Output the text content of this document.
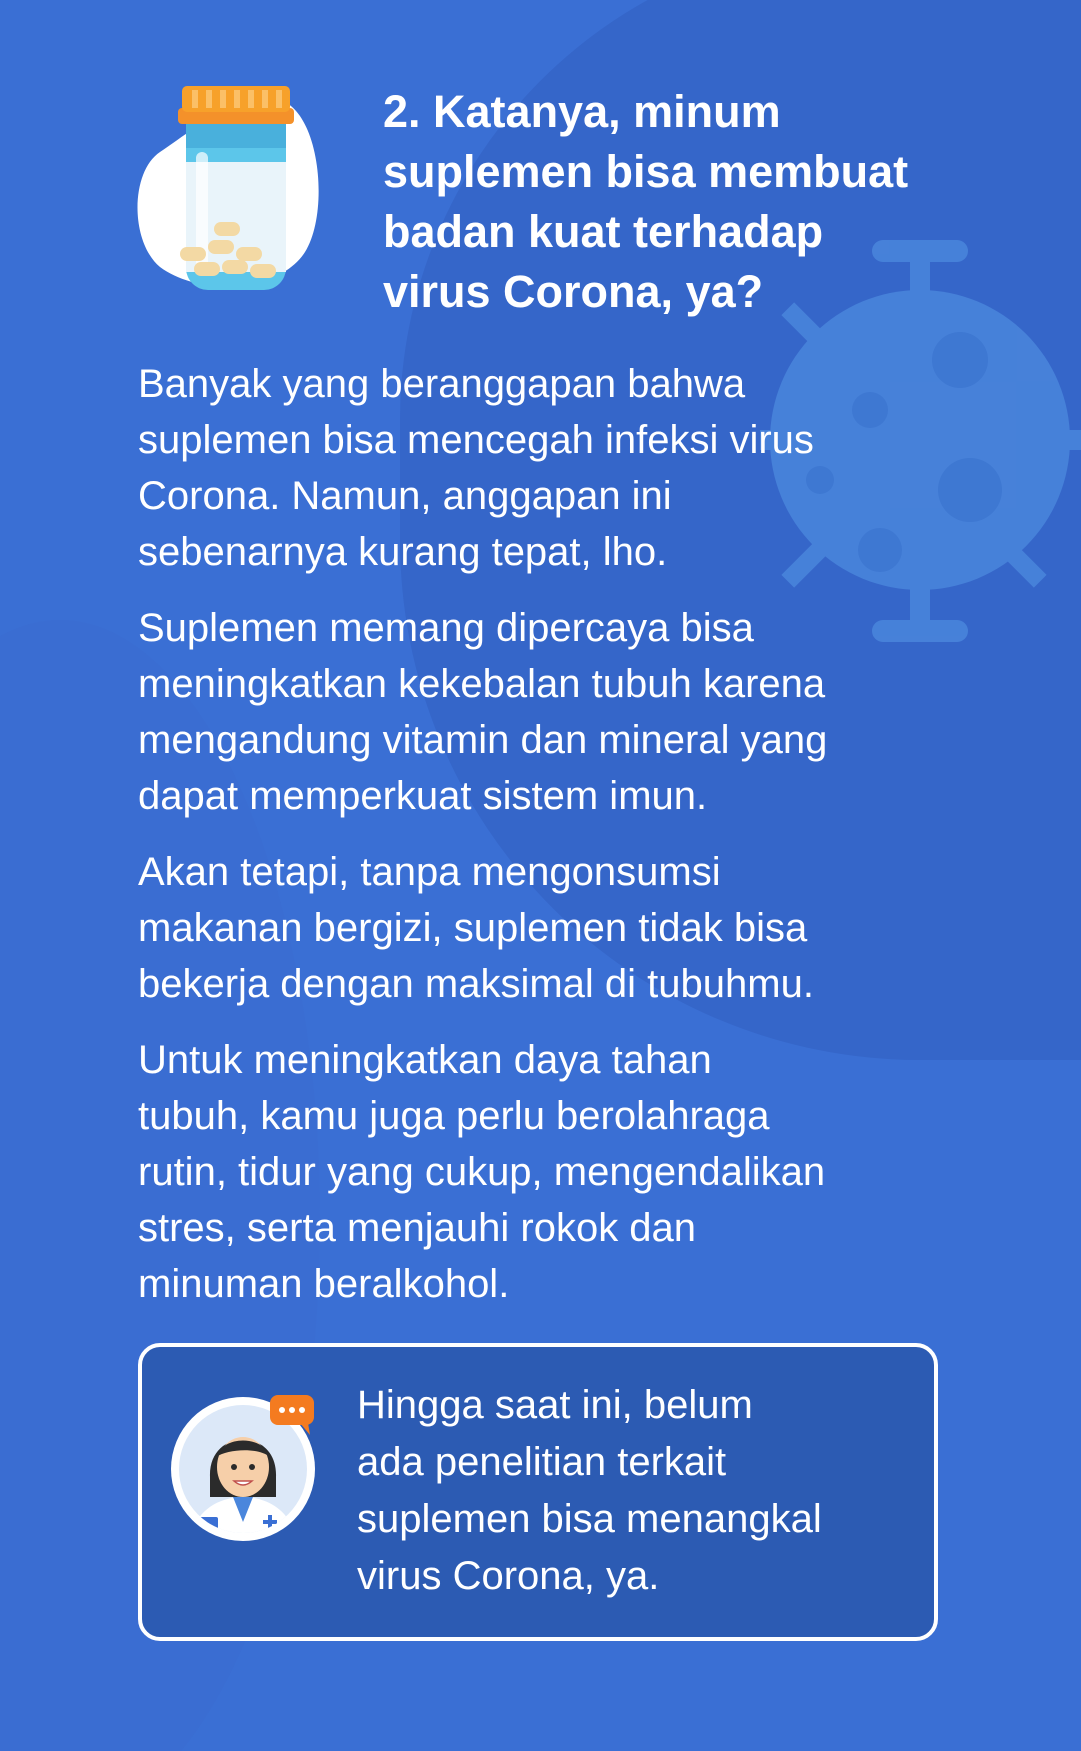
2. Katanya, minum suplemen bisa membuat badan kuat terhadap virus Corona, ya?

Banyak yang beranggapan bahwa
suplemen bisa mencegah infeksi virus
Corona. Namun, anggapan ini
sebenarnya kurang tepat, lho.

Suplemen memang dipercaya bisa
meningkatkan kekebalan tubuh karena
mengandung vitamin dan mineral yang
dapat memperkuat sistem imun.

Akan tetapi, tanpa mengonsumsi
makanan bergizi, suplemen tidak bisa
bekerja dengan maksimal di tubuhmu.

Untuk meningkatkan daya tahan
tubuh, kamu juga perlu berolahraga
rutin, tidur yang cukup, mengendalikan
stres, serta menjauhi rokok dan
minuman beralkohol.

Hingga saat ini, belum
ada penelitian terkait
suplemen bisa menangkal
virus Corona, ya.
